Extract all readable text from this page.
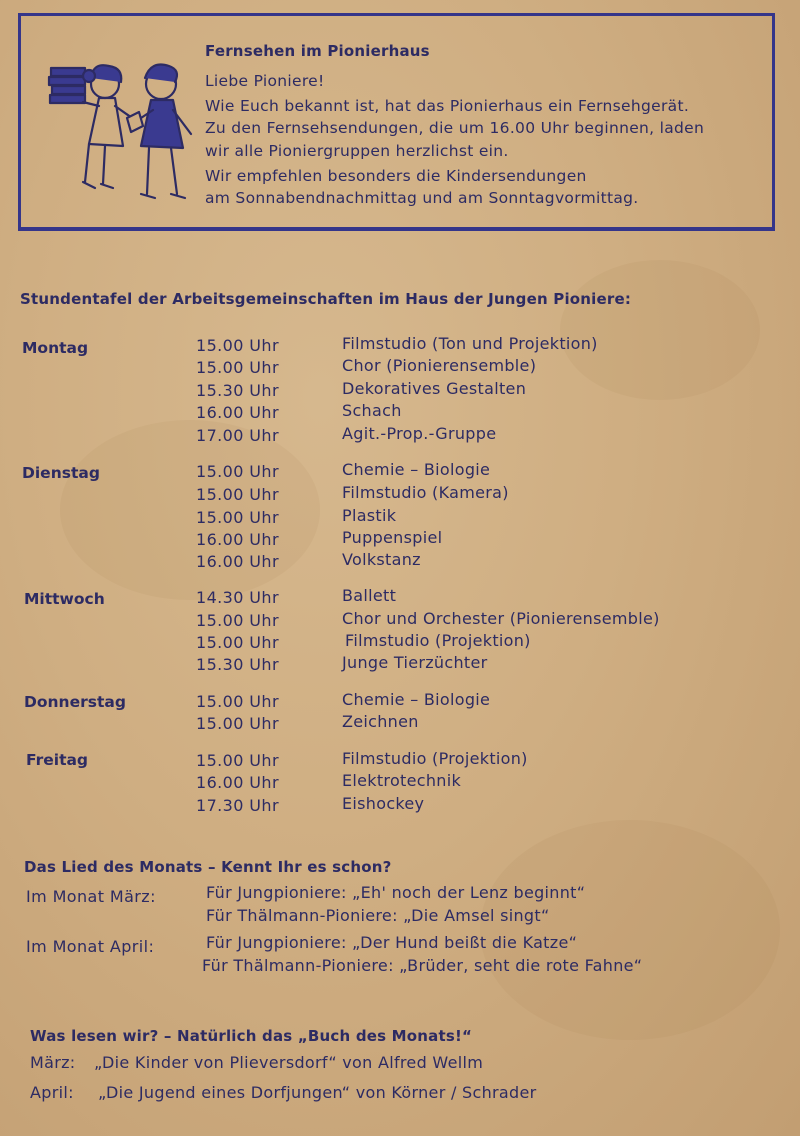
Fernsehen im Pionierhaus
Liebe Pioniere!
Wie Euch bekannt ist, hat das Pionierhaus ein Fernsehgerät.
Zu den Fernsehsendungen, die um 16.00 Uhr beginnen, laden
wir alle Pioniergruppen herzlichst ein.
Wir empfehlen besonders die Kindersendungen
am Sonnabendnachmittag und am Sonntagvormittag.
Stundentafel der Arbeitsgemeinschaften im Haus der Jungen Pioniere:
Montag	15.00 Uhr	Filmstudio (Ton und Projektion)
15.00 Uhr	Chor (Pionierensemble)
15.30 Uhr	Dekoratives Gestalten
16.00 Uhr	Schach
17.00 Uhr	Agit.-Prop.-Gruppe
Dienstag	15.00 Uhr	Chemie – Biologie
15.00 Uhr	Filmstudio (Kamera)
15.00 Uhr	Plastik
16.00 Uhr	Puppenspiel
16.00 Uhr	Volkstanz
Mittwoch	14.30 Uhr	Ballett
15.00 Uhr	Chor und Orchester (Pionierensemble)
15.00 Uhr	Filmstudio (Projektion)
15.30 Uhr	Junge Tierzüchter
Donnerstag	15.00 Uhr	Chemie – Biologie
15.00 Uhr	Zeichnen
Freitag	15.00 Uhr	Filmstudio (Projektion)
16.00 Uhr	Elektrotechnik
17.30 Uhr	Eishockey
Das Lied des Monats – Kennt Ihr es schon?
Im Monat März:	Für Jungpioniere: „Eh' noch der Lenz beginnt“
Für Thälmann-Pioniere: „Die Amsel singt“
Im Monat April:	Für Jungpioniere: „Der Hund beißt die Katze“
Für Thälmann-Pioniere: „Brüder, seht die rote Fahne“
Was lesen wir? – Natürlich das „Buch des Monats!“
März: „Die Kinder von Plieversdorf“ von Alfred Wellm
April: „Die Jugend eines Dorfjungen“ von Körner / Schrader
